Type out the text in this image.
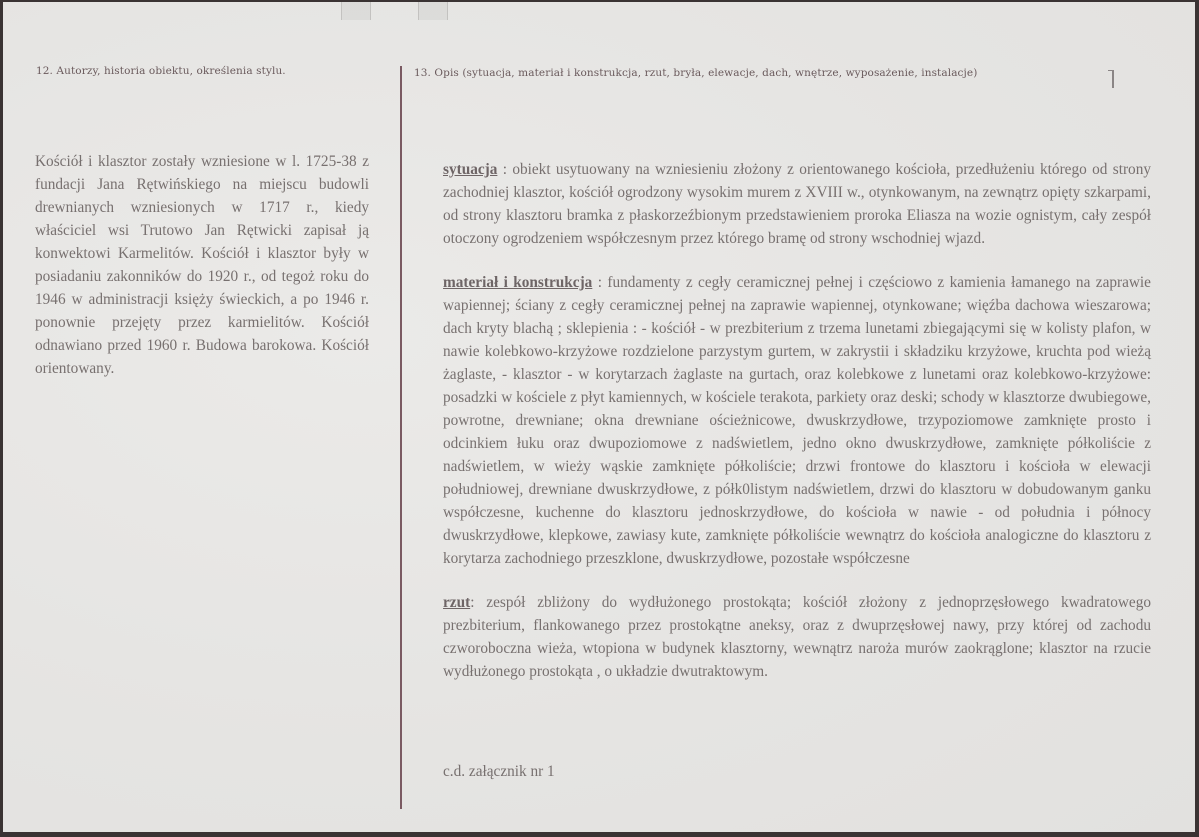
12. Autorzy, historia obiektu, określenia stylu.	13. Opis (sytuacja, materiał i konstrukcja, rzut, bryła, elewacje, dach, wnętrze, wyposażenie, instalacje)

Kościół i klasztor zostały wzniesione w l. 1725-38 z fundacji Jana Rętwińskiego na miejscu budowli drewnianych wzniesionych w 1717 r., kiedy właściciel wsi Trutowo Jan Rętwicki zapisał ją konwektowi Karmelitów. Kościół i klasztor były w posiadaniu zakonników do 1920 r., od tegoż roku do 1946 w administracji księży świeckich, a po 1946 r. ponownie przejęty przez karmielitów. Kościół odnawiano przed 1960 r. Budowa barokowa. Kościół orientowany.

sytuacja : obiekt usytuowany na wzniesieniu złożony z orientowanego kościoła, przedłużeniu którego od strony zachodniej klasztor, kościół ogrodzony wysokim murem z XVIII w., otynkowanym, na zewnątrz opięty szkarpami, od strony klasztoru bramka z płaskorzeźbionym przedstawieniem proroka Eliasza na wozie ognistym, cały zespół otoczony ogrodzeniem współczesnym przez którego bramę od strony wschodniej wjazd.

materiał i konstrukcja : fundamenty z cegły ceramicznej pełnej i częściowo z kamienia łamanego na zaprawie wapiennej; ściany z cegły ceramicznej pełnej na zaprawie wapiennej, otynkowane; więźba dachowa wieszarowa; dach kryty blachą ; sklepienia : - kościół - w prezbiterium z trzema lunetami zbiegającymi się w kolisty plafon, w nawie kolebkowo-krzyżowe rozdzielone parzystym gurtem, w zakrystii i składziku krzyżowe, kruchta pod wieżą żaglaste, - klasztor - w korytarzach żaglaste na gurtach, oraz kolebkowe z lunetami oraz kolebkowo-krzyżowe: posadzki w kościele z płyt kamiennych, w kościele terakota, parkiety oraz deski; schody w klasztorze dwubiegowe, powrotne, drewniane; okna drewniane ościeżnicowe, dwuskrzydłowe, trzypoziomowe zamknięte prosto i odcinkiem łuku oraz dwupoziomowe z nadświetlem, jedno okno dwuskrzydłowe, zamknięte półkoliście z nadświetlem, w wieży wąskie zamknięte półkoliście; drzwi frontowe do klasztoru i kościoła w elewacji południowej, drewniane dwuskrzydłowe, z półk0listym nadświetlem, drzwi do klasztoru w dobudowanym ganku współczesne, kuchenne do klasztoru jednoskrzydłowe, do kościoła w nawie - od południa i północy dwuskrzydłowe, klepkowe, zawiasy kute, zamknięte półkoliście wewnątrz do kościoła analogiczne do klasztoru z korytarza zachodniego przeszklone, dwuskrzydłowe, pozostałe współczesne

rzut: zespół zbliżony do wydłużonego prostokąta; kościół złożony z jednoprzęsłowego kwadratowego prezbiterium, flankowanego przez prostokątne aneksy, oraz z dwuprzęsłowej nawy, przy której od zachodu czworoboczna wieża, wtopiona w budynek klasztorny, wewnątrz naroża murów zaokrąglone; klasztor na rzucie wydłużonego prostokąta , o układzie dwutraktowym.

c.d. załącznik nr 1
